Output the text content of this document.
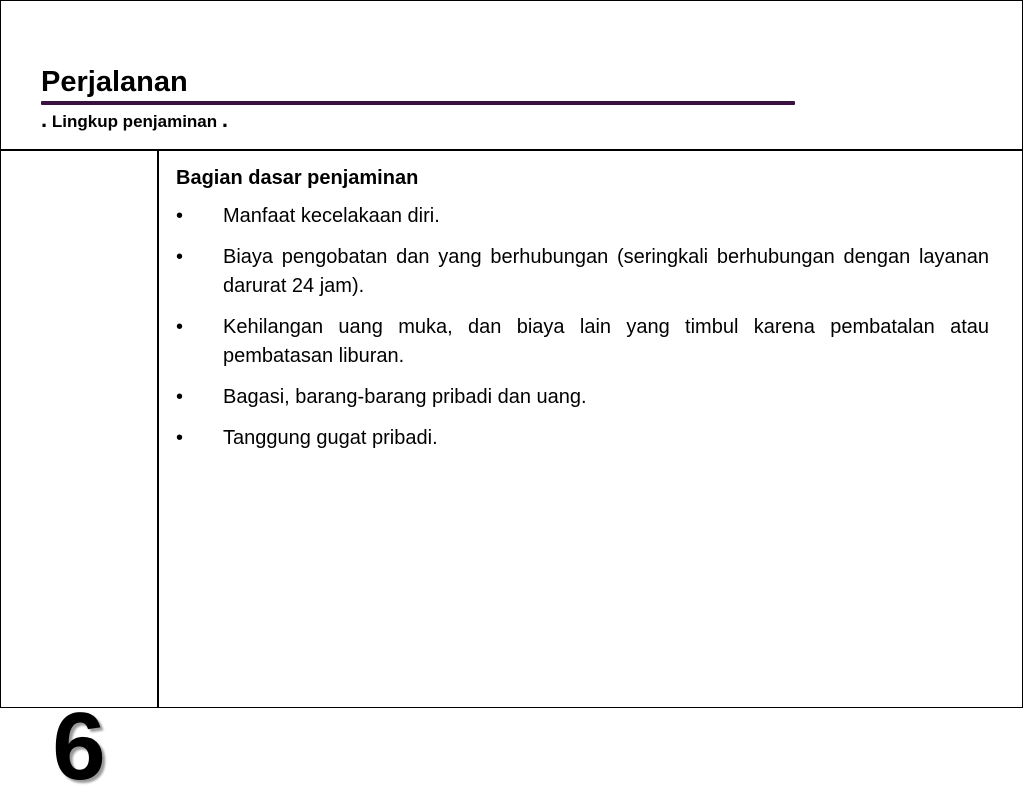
Perjalanan
. Lingkup penjaminan .
6
Bagian dasar penjaminan
•	Manfaat kecelakaan diri.
•	Biaya pengobatan dan yang berhubungan (seringkali berhubungan dengan layanan darurat 24 jam).
•	Kehilangan uang muka, dan biaya lain yang timbul karena pembatalan atau pembatasan liburan.
•	Bagasi, barang-barang pribadi dan uang.
•	Tanggung gugat pribadi.
